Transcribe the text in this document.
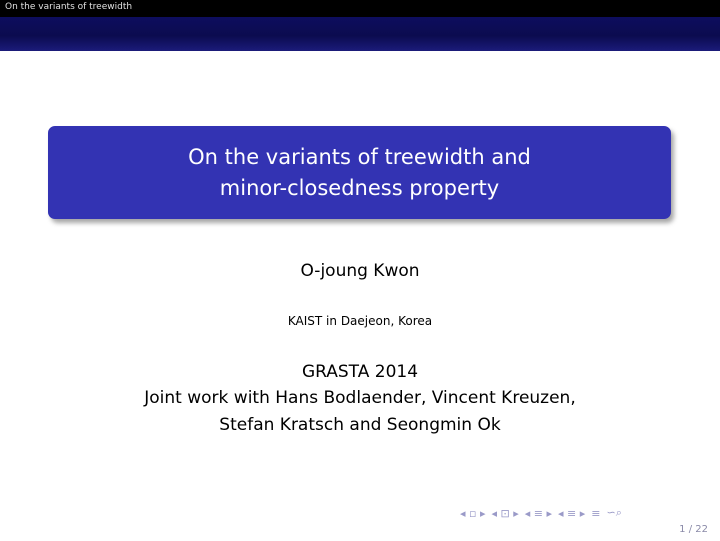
On the variants of treewidth
On the variants of treewidth and
minor-closedness property
O-joung Kwon
KAIST in Daejeon, Korea
GRASTA 2014
Joint work with Hans Bodlaender, Vincent Kreuzen,
Stefan Kratsch and Seongmin Ok
◂ ▫ ▸ ◂ ⊡ ▸ ◂ ≡ ▸ ◂ ≡ ▸ ≡ ∽⌕
1 / 22
